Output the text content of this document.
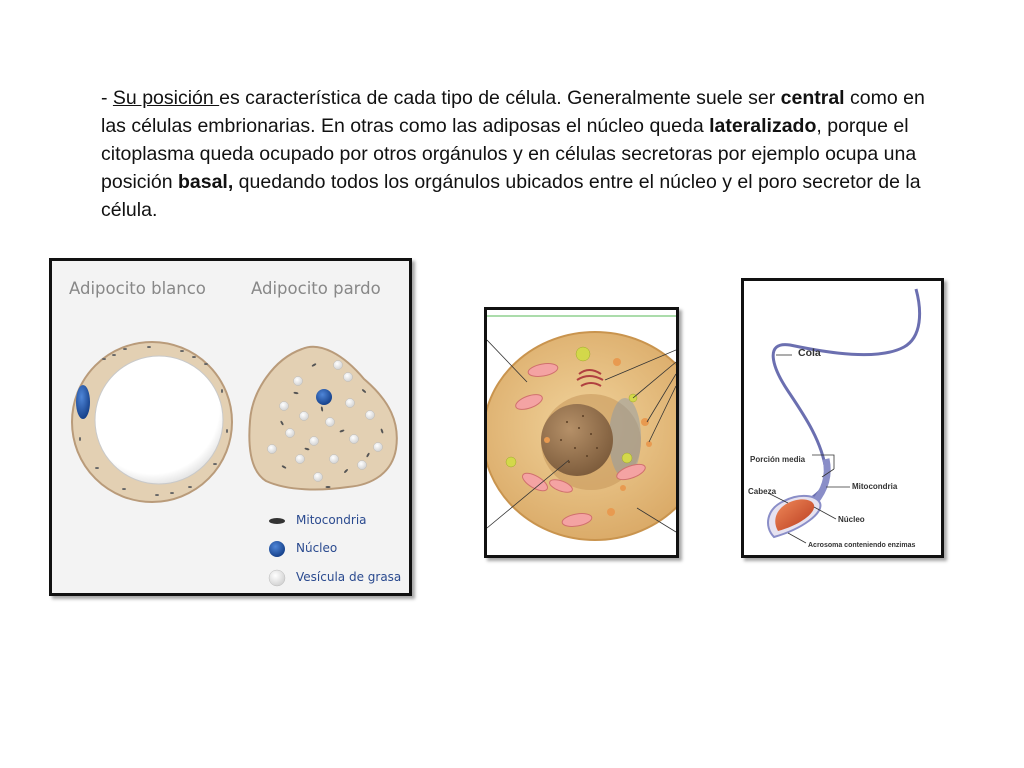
- Su posición es característica de cada tipo de célula. Generalmente suele ser central como en las células embrionarias. En otras como las adiposas el núcleo queda lateralizado, porque el citoplasma queda ocupado por otros orgánulos y en células secretoras por ejemplo ocupa una posición basal, quedando todos los orgánulos ubicados entre el núcleo y el poro secretor de la célula.

Adipocito blanco	Adipocito pardo
Mitocondria
Núcleo
Vesícula de grasa
Cola
Porción media
Cabeza
Mitocondria
Núcleo
Acrosoma conteniendo enzimas
